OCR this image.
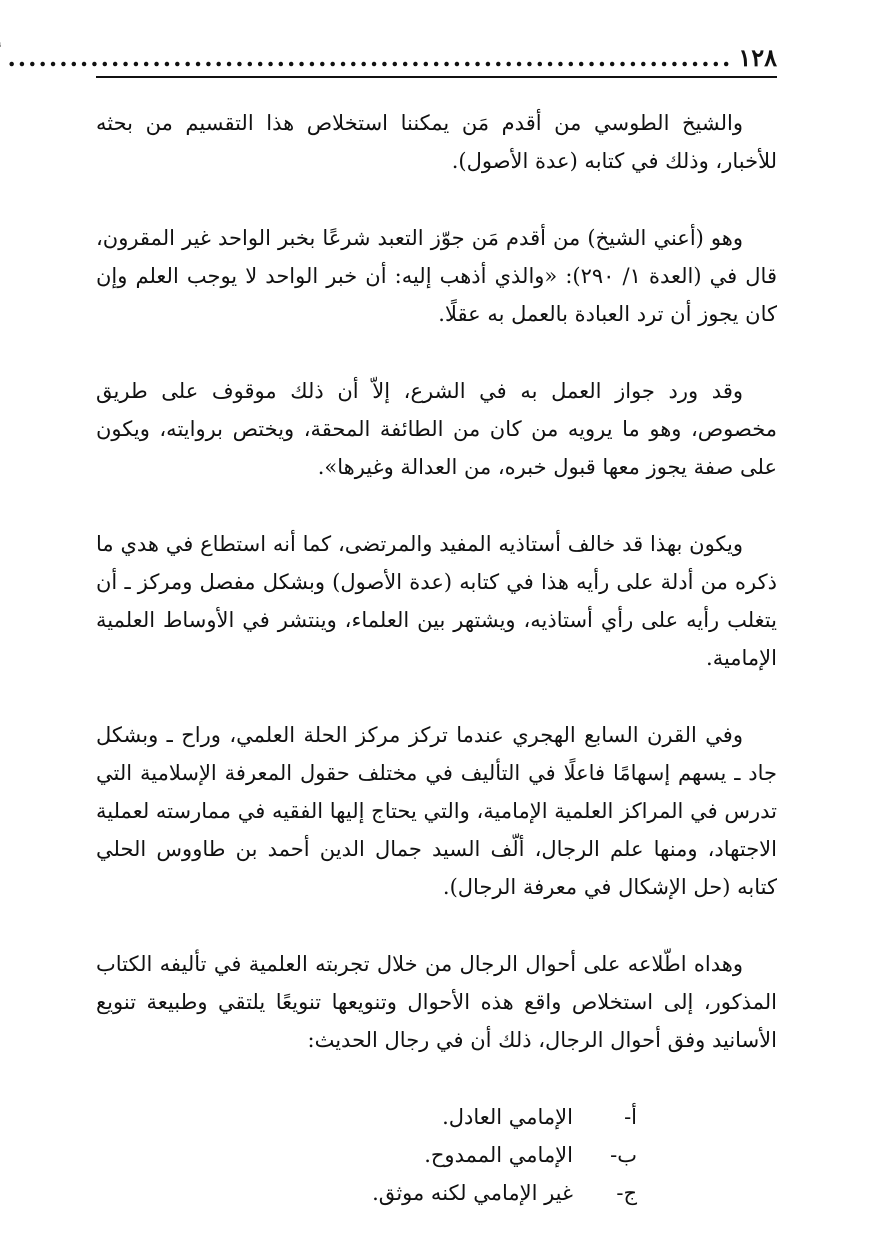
١٢٨
......................................................................

والشيخ الطوسي من أقدم مَن يمكننا استخلاص هذا التقسيم من بحثه للأخبار، وذلك في كتابه (عدة الأصول).

وهو (أعني الشيخ) من أقدم مَن جوّز التعبد شرعًا بخبر الواحد غير المقرون، قال في (العدة ١/ ٢٩٠): «والذي أذهب إليه: أن خبر الواحد لا يوجب العلم وإن كان يجوز أن ترد العبادة بالعمل به عقلًا.

وقد ورد جواز العمل به في الشرع، إلاّ أن ذلك موقوف على طريق مخصوص، وهو ما يرويه من كان من الطائفة المحقة، ويختص بروايته، ويكون على صفة يجوز معها قبول خبره، من العدالة وغيرها».

ويكون بهذا قد خالف أستاذيه المفيد والمرتضى، كما أنه استطاع في هدي ما ذكره من أدلة على رأيه هذا في كتابه (عدة الأصول) وبشكل مفصل ومركز ـ أن يتغلب رأيه على رأي أستاذيه، ويشتهر بين العلماء، وينتشر في الأوساط العلمية الإمامية.

وفي القرن السابع الهجري عندما تركز مركز الحلة العلمي، وراح ـ وبشكل جاد ـ يسهم إسهامًا فاعلًا في التأليف في مختلف حقول المعرفة الإسلامية التي تدرس في المراكز العلمية الإمامية، والتي يحتاج إليها الفقيه في ممارسته لعملية الاجتهاد، ومنها علم الرجال، ألّف السيد جمال الدين أحمد بن طاووس الحلي كتابه (حل الإشكال في معرفة الرجال).

وهداه اطّلاعه على أحوال الرجال من خلال تجربته العلمية في تأليفه الكتاب المذكور، إلى استخلاص واقع هذه الأحوال وتنويعها تنويعًا يلتقي وطبيعة تنويع الأسانيد وفق أحوال الرجال، ذلك أن في رجال الحديث:

أ-
الإمامي العادل.
ب-
الإمامي الممدوح.
ج-
غير الإمامي لكنه موثق.
